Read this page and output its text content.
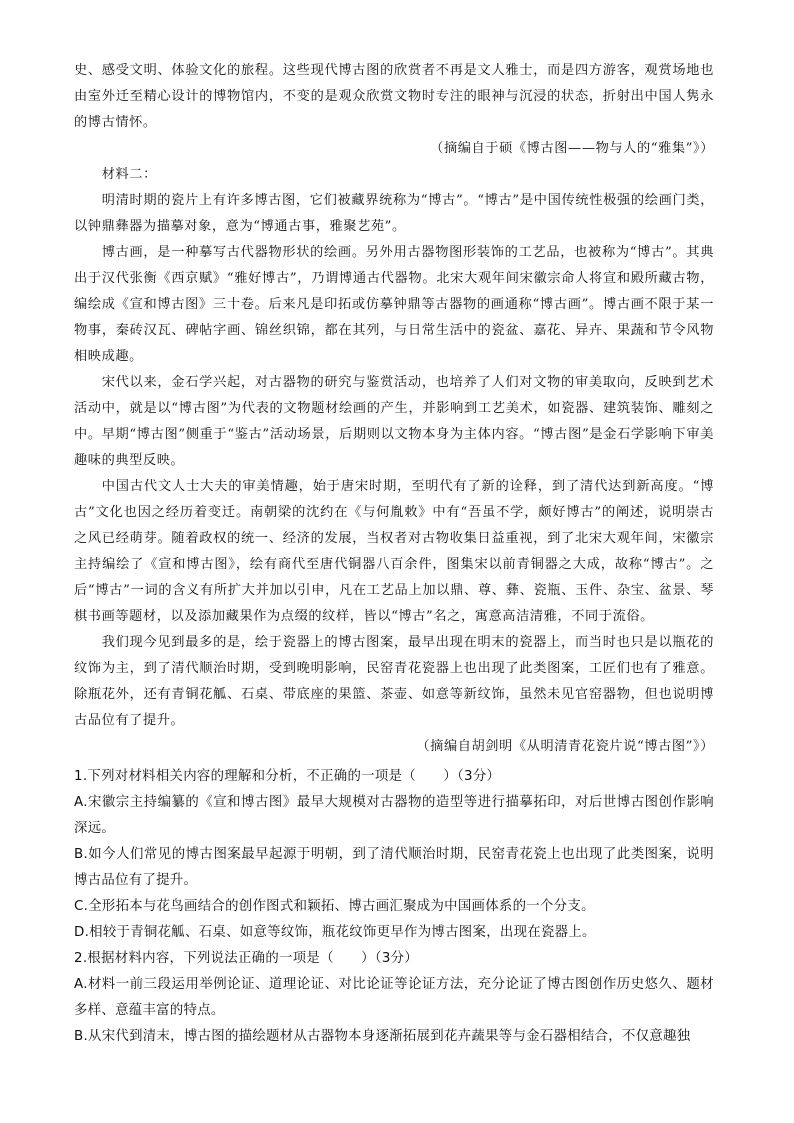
史、感受文明、体验文化的旅程。这些现代博古图的欣赏者不再是文人雅士，而是四方游客，观赏场地也由室外迁至精心设计的博物馆内，不变的是观众欣赏文物时专注的眼神与沉浸的状态，折射出中国人隽永的博古情怀。

（摘编自于硕《博古图——物与人的“雅集”》）

材料二：

明清时期的瓷片上有许多博古图，它们被藏界统称为“博古”。“博古”是中国传统性极强的绘画门类，以钟鼎彝器为描摹对象，意为“博通古事，雅聚艺苑”。

博古画，是一种摹写古代器物形状的绘画。另外用古器物图形装饰的工艺品，也被称为“博古”。其典出于汉代张衡《西京赋》“雅好博古”，乃谓博通古代器物。北宋大观年间宋徽宗命人将宣和殿所藏古物，编绘成《宣和博古图》三十卷。后来凡是印拓或仿摹钟鼎等古器物的画通称“博古画”。博古画不限于某一物事，秦砖汉瓦、碑帖字画、锦丝织锦，都在其列，与日常生活中的瓷盆、嘉花、异卉、果蔬和节令风物相映成趣。

宋代以来，金石学兴起，对古器物的研究与鉴赏活动，也培养了人们对文物的审美取向，反映到艺术活动中，就是以“博古图”为代表的文物题材绘画的产生，并影响到工艺美术，如瓷器、建筑装饰、雕刻之中。早期“博古图”侧重于“鉴古”活动场景，后期则以文物本身为主体内容。“博古图”是金石学影响下审美趣味的典型反映。

中国古代文人士大夫的审美情趣，始于唐宋时期，至明代有了新的诠释，到了清代达到新高度。“博古”文化也因之经历着变迁。南朝梁的沈约在《与何胤敕》中有“吾虽不学，颇好博古”的阐述，说明崇古之风已经萌芽。随着政权的统一、经济的发展，当权者对古物收集日益重视，到了北宋大观年间，宋徽宗主持编绘了《宣和博古图》，绘有商代至唐代铜器八百余件，图集宋以前青铜器之大成，故称“博古”。之后“博古”一词的含义有所扩大并加以引申，凡在工艺品上加以鼎、尊、彝、瓷瓶、玉件、杂宝、盆景、琴棋书画等题材，以及添加藏果作为点缀的纹样，皆以“博古”名之，寓意高洁清雅，不同于流俗。

我们现今见到最多的是，绘于瓷器上的博古图案，最早出现在明末的瓷器上，而当时也只是以瓶花的纹饰为主，到了清代顺治时期，受到晚明影响，民窑青花瓷器上也出现了此类图案，工匠们也有了雅意。除瓶花外，还有青铜花觚、石桌、带底座的果篮、茶壶、如意等新纹饰，虽然未见官窑器物，但也说明博古品位有了提升。

（摘编自胡剑明《从明清青花瓷片说“博古图”》）

1.下列对材料相关内容的理解和分析，不正确的一项是（　　）（3分）

A.宋徽宗主持编纂的《宣和博古图》最早大规模对古器物的造型等进行描摹拓印，对后世博古图创作影响深远。

B.如今人们常见的博古图案最早起源于明朝，到了清代顺治时期，民窑青花瓷上也出现了此类图案，说明博古品位有了提升。

C.全形拓本与花鸟画结合的创作图式和颖拓、博古画汇聚成为中国画体系的一个分支。

D.相较于青铜花觚、石桌、如意等纹饰，瓶花纹饰更早作为博古图案，出现在瓷器上。

2.根据材料内容，下列说法正确的一项是（　　）（3分）

A.材料一前三段运用举例论证、道理论证、对比论证等论证方法，充分论证了博古图创作历史悠久、题材多样、意蕴丰富的特点。

B.从宋代到清末，博古图的描绘题材从古器物本身逐渐拓展到花卉蔬果等与金石器相结合，不仅意趣独
